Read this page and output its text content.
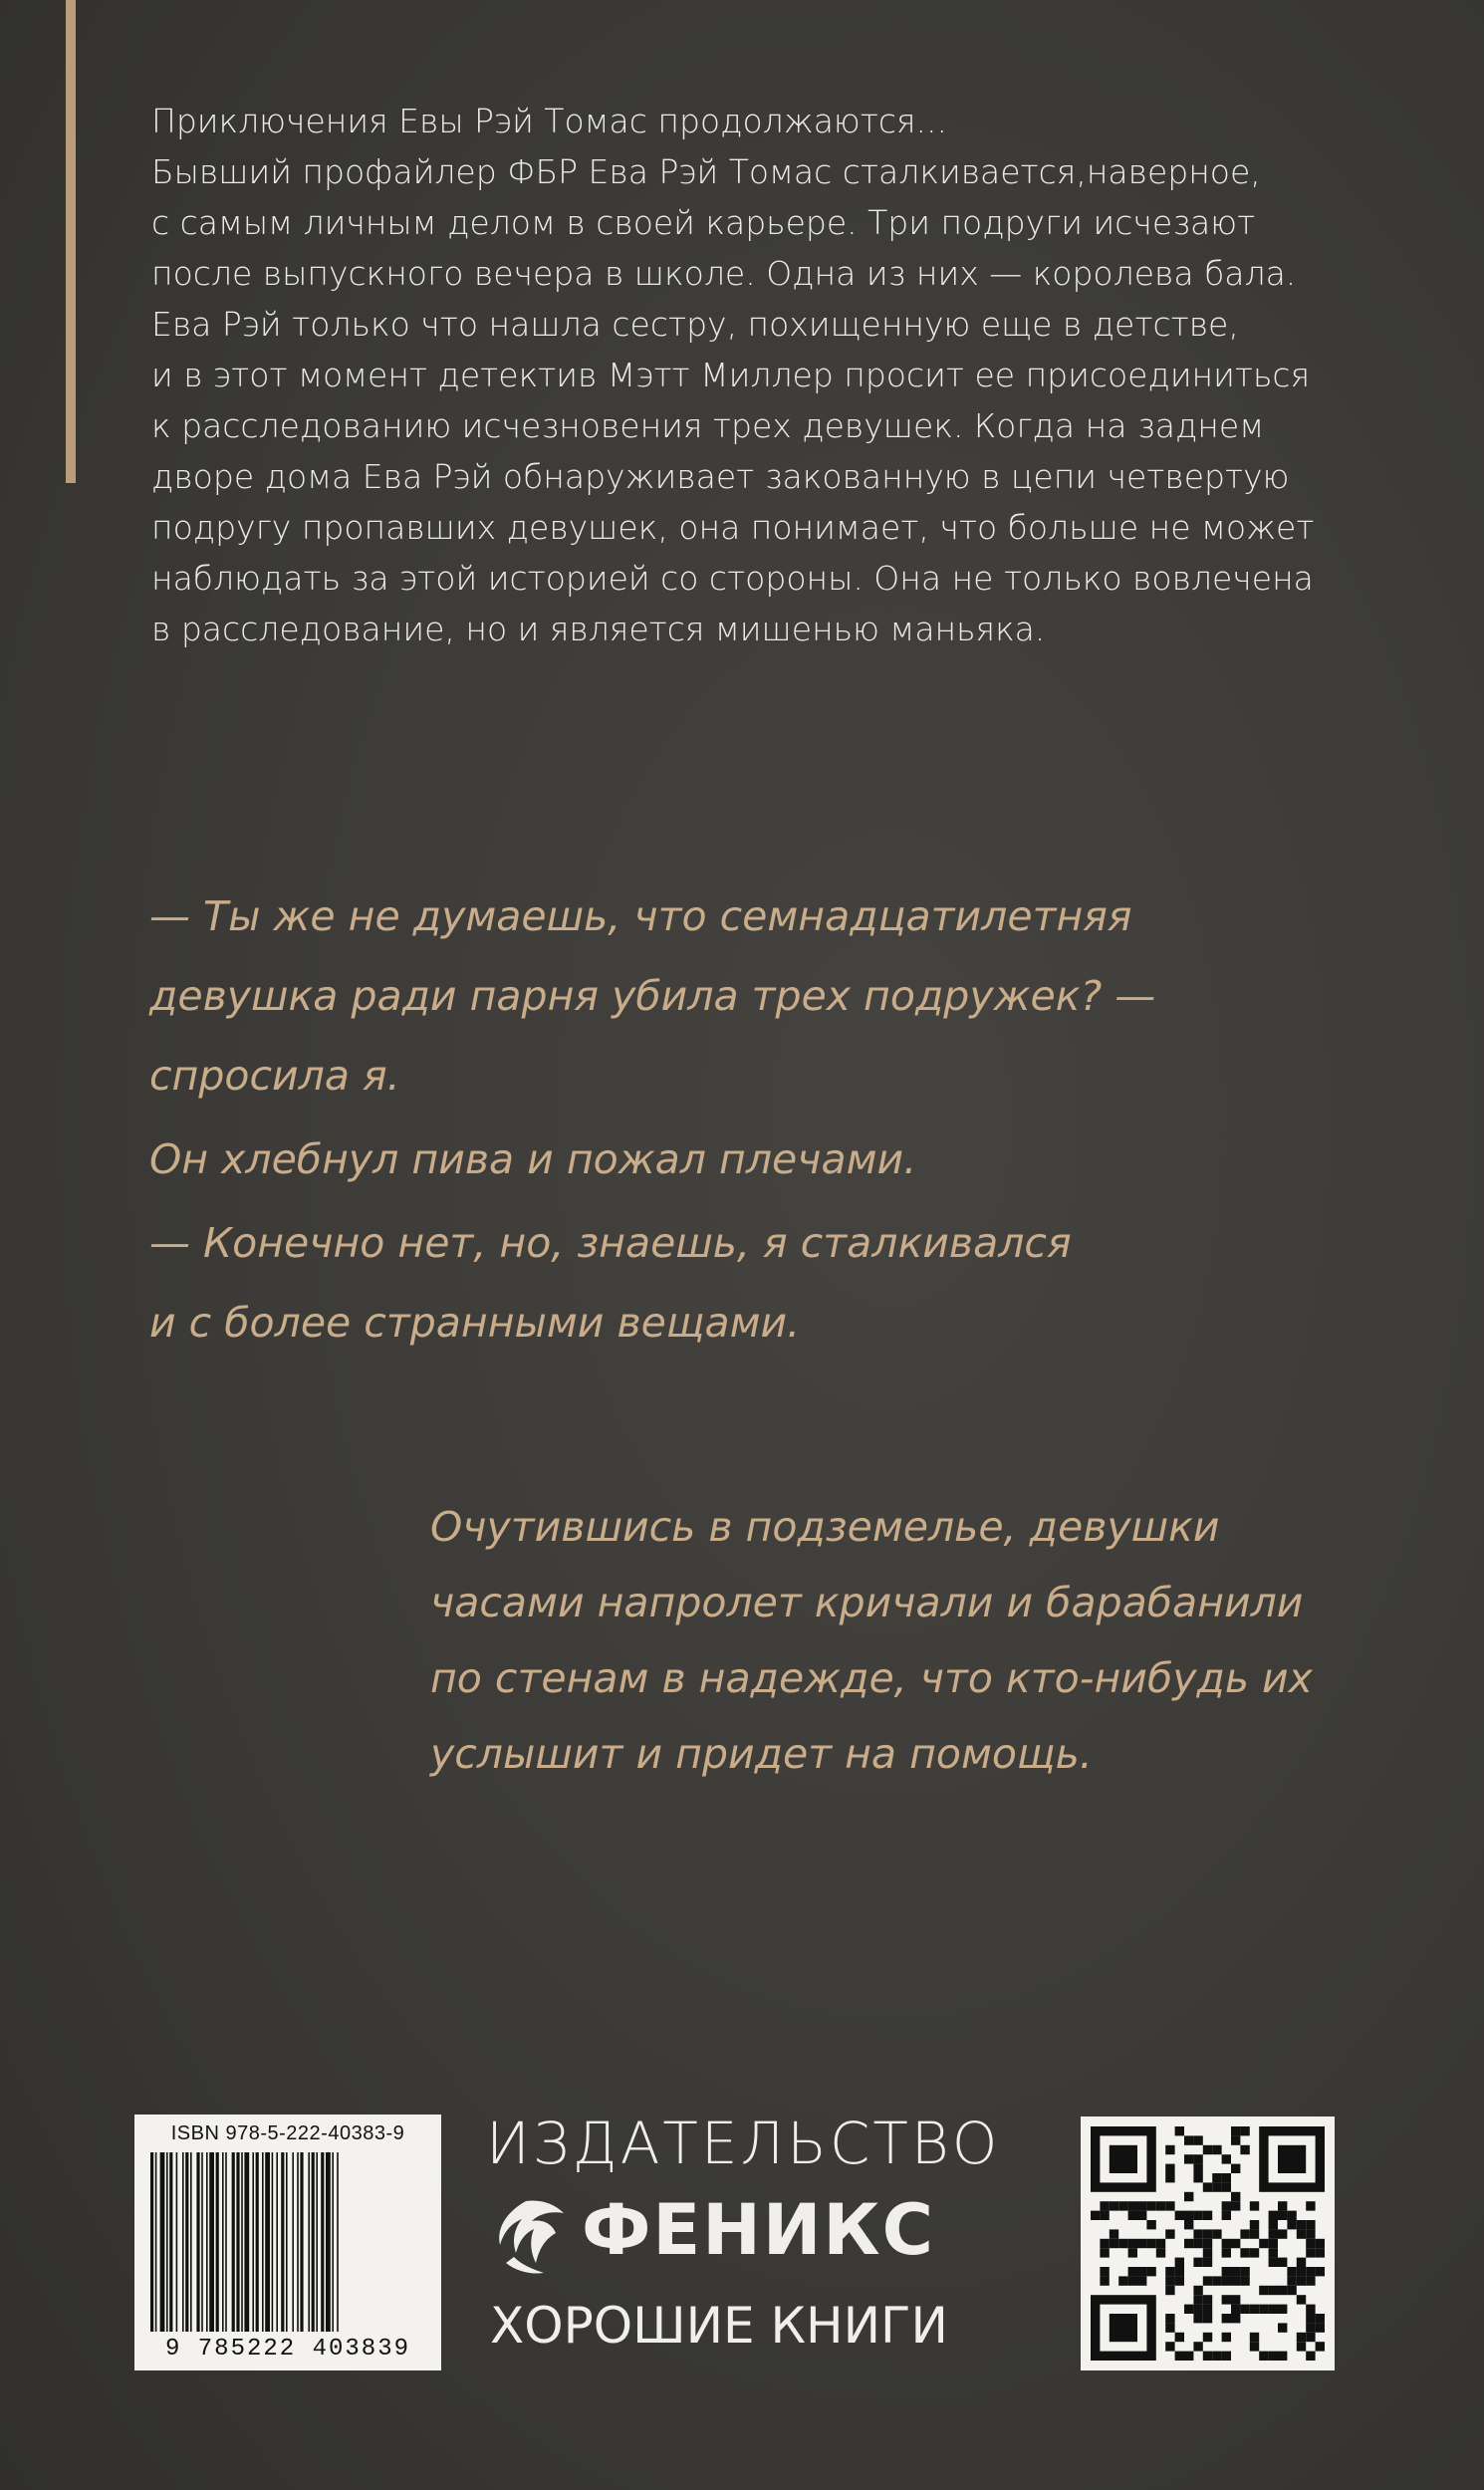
Приключения Евы Рэй Томас продолжаются...
Бывший профайлер ФБР Ева Рэй Томас сталкивается,наверное,
с самым личным делом в своей карьере. Три подруги исчезают
после выпускного вечера в школе. Одна из них — королева бала.
Ева Рэй только что нашла сестру, похищенную еще в детстве,
и в этот момент детектив Мэтт Миллер просит ее присоединиться
к расследованию исчезновения трех девушек. Когда на заднем
дворе дома Ева Рэй обнаруживает закованную в цепи четвертую
подругу пропавших девушек, она понимает, что больше не может
наблюдать за этой историей со стороны. Она не только вовлечена
в расследование, но и является мишенью маньяка.
— Ты же не думаешь, что семнадцатилетняя
девушка ради парня убила трех подружек? —
спросила я.
Он хлебнул пива и пожал плечами.
— Конечно нет, но, знаешь, я сталкивался
и с более странными вещами.
Очутившись в подземелье, девушки
часами напролет кричали и барабанили
по стенам в надежде, что кто-нибудь их
услышит и придет на помощь.
ISBN 978-5-222-40383-9
9 785222 403839
ИЗДАТЕЛЬСТВО
ФЕНИКС
ХОРОШИЕ КНИГИ
